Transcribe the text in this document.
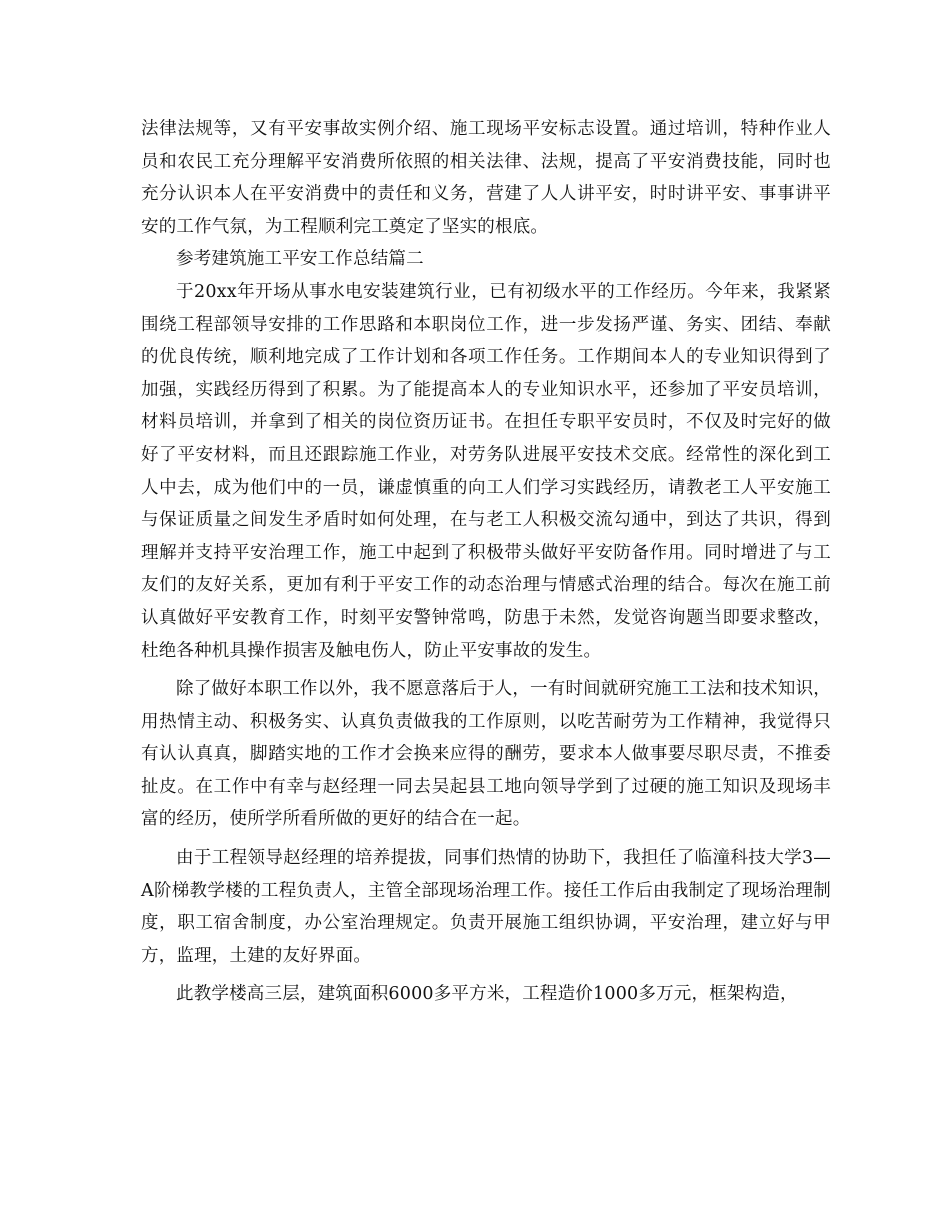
法律法规等，又有平安事故实例介绍、施工现场平安标志设置。通过培训，特种作业人员和农民工充分理解平安消费所依照的相关法律、法规，提高了平安消费技能，同时也充分认识本人在平安消费中的责任和义务，营建了人人讲平安，时时讲平安、事事讲平安的工作气氛，为工程顺利完工奠定了坚实的根底。

参考建筑施工平安工作总结篇二

于20xx年开场从事水电安装建筑行业，已有初级水平的工作经历。今年来，我紧紧围绕工程部领导安排的工作思路和本职岗位工作，进一步发扬严谨、务实、团结、奉献的优良传统，顺利地完成了工作计划和各项工作任务。工作期间本人的专业知识得到了加强，实践经历得到了积累。为了能提高本人的专业知识水平，还参加了平安员培训，材料员培训，并拿到了相关的岗位资历证书。在担任专职平安员时，不仅及时完好的做好了平安材料，而且还跟踪施工作业，对劳务队进展平安技术交底。经常性的深化到工人中去，成为他们中的一员，谦虚慎重的向工人们学习实践经历，请教老工人平安施工与保证质量之间发生矛盾时如何处理，在与老工人积极交流勾通中，到达了共识，得到理解并支持平安治理工作，施工中起到了积极带头做好平安防备作用。同时增进了与工友们的友好关系，更加有利于平安工作的动态治理与情感式治理的结合。每次在施工前认真做好平安教育工作，时刻平安警钟常鸣，防患于未然，发觉咨询题当即要求整改，杜绝各种机具操作损害及触电伤人，防止平安事故的发生。

除了做好本职工作以外，我不愿意落后于人，一有时间就研究施工工法和技术知识，用热情主动、积极务实、认真负责做我的工作原则，以吃苦耐劳为工作精神，我觉得只有认认真真，脚踏实地的工作才会换来应得的酬劳，要求本人做事要尽职尽责，不推委扯皮。在工作中有幸与赵经理一同去吴起县工地向领导学到了过硬的施工知识及现场丰富的经历，使所学所看所做的更好的结合在一起。

由于工程领导赵经理的培养提拔，同事们热情的协助下，我担任了临潼科技大学3—A阶梯教学楼的工程负责人，主管全部现场治理工作。接任工作后由我制定了现场治理制度，职工宿舍制度，办公室治理规定。负责开展施工组织协调，平安治理，建立好与甲方，监理，土建的友好界面。

此教学楼高三层，建筑面积6000多平方米，工程造价1000多万元，框架构造，
